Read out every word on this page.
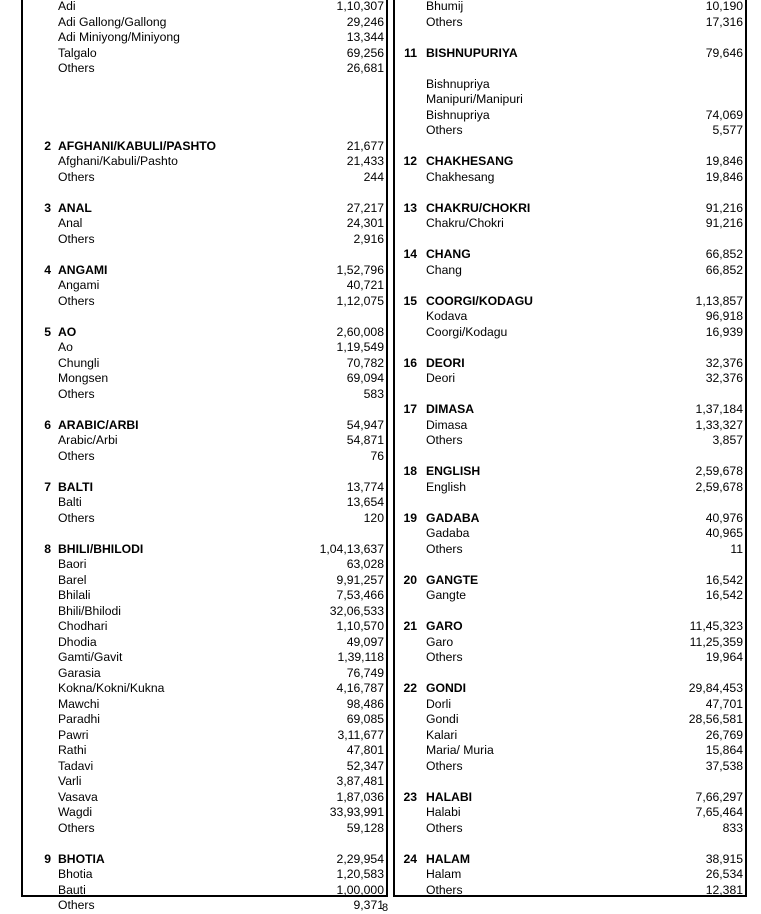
Adi	1,10,307
Adi Gallong/Gallong	29,246
Adi Miniyong/Miniyong	13,344
Talgalo	69,256
Others	26,681
2 AFGHANI/KABULI/PASHTO	21,677
Afghani/Kabuli/Pashto	21,433
Others	244
3 ANAL	27,217
Anal	24,301
Others	2,916
4 ANGAMI	1,52,796
Angami	40,721
Others	1,12,075
5 AO	2,60,008
Ao	1,19,549
Chungli	70,782
Mongsen	69,094
Others	583
6 ARABIC/ARBI	54,947
Arabic/Arbi	54,871
Others	76
7 BALTI	13,774
Balti	13,654
Others	120
8 BHILI/BHILODI	1,04,13,637
Baori	63,028
Barel	9,91,257
Bhilali	7,53,466
Bhili/Bhilodi	32,06,533
Chodhari	1,10,570
Dhodia	49,097
Gamti/Gavit	1,39,118
Garasia	76,749
Kokna/Kokni/Kukna	4,16,787
Mawchi	98,486
Paradhi	69,085
Pawri	3,11,677
Rathi	47,801
Tadavi	52,347
Varli	3,87,481
Vasava	1,87,036
Wagdi	33,93,991
Others	59,128
9 BHOTIA	2,29,954
Bhotia	1,20,583
Bauti	1,00,000
Others	9,371
Bhumij	10,190
Others	17,316
11 BISHNUPURIYA	79,646
Bishnupriya
Manipuri/Manipuri
Bishnupriya	74,069
Others	5,577
12 CHAKHESANG	19,846
Chakhesang	19,846
13 CHAKRU/CHOKRI	91,216
Chakru/Chokri	91,216
14 CHANG	66,852
Chang	66,852
15 COORGI/KODAGU	1,13,857
Kodava	96,918
Coorgi/Kodagu	16,939
16 DEORI	32,376
Deori	32,376
17 DIMASA	1,37,184
Dimasa	1,33,327
Others	3,857
18 ENGLISH	2,59,678
English	2,59,678
19 GADABA	40,976
Gadaba	40,965
Others	11
20 GANGTE	16,542
Gangte	16,542
21 GARO	11,45,323
Garo	11,25,359
Others	19,964
22 GONDI	29,84,453
Dorli	47,701
Gondi	28,56,581
Kalari	26,769
Maria/ Muria	15,864
Others	37,538
23 HALABI	7,66,297
Halabi	7,65,464
Others	833
24 HALAM	38,915
Halam	26,534
Others	12,381
8
